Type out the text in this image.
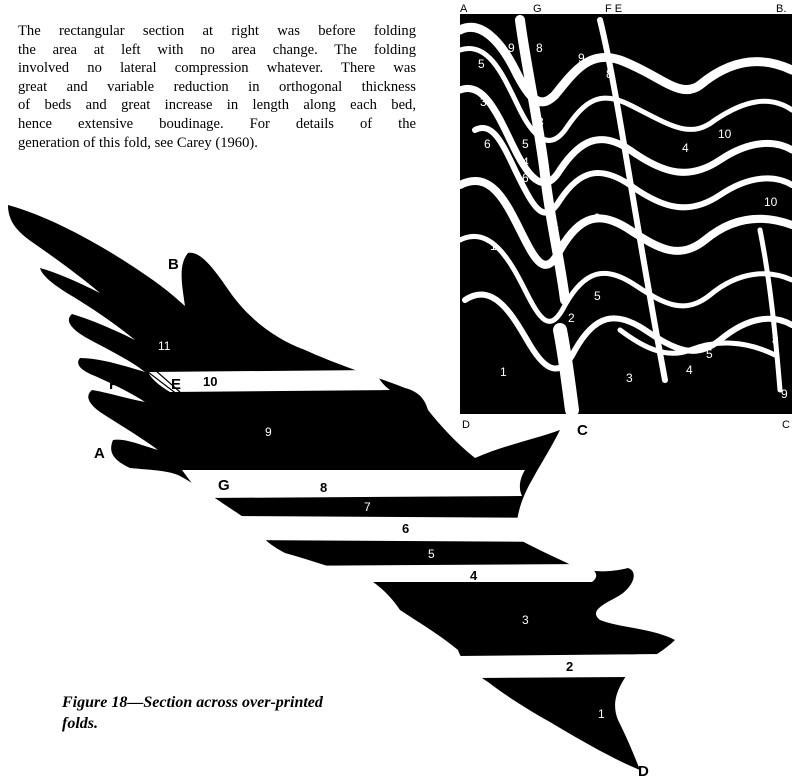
The rectangular section at right was before folding
the area at left with no area change. The folding
involved no lateral compression whatever. There was
great and variable reduction in orthogonal thickness
of beds and great increase in length along each bed,
hence extensive boudinage. For details of the
generation of this fold, see Carey (1960).
9 8
5
3
6	5
4
6
9
8
8
4
9
10
10
4
1
5
2
3
4
1
5
8
9
A	G	F E	B.
D	C	C
1
2
3
4
5
6
7
8
9
10
11
B
F	E
A
G
D
Figure 18—Section across over-printed
folds.
